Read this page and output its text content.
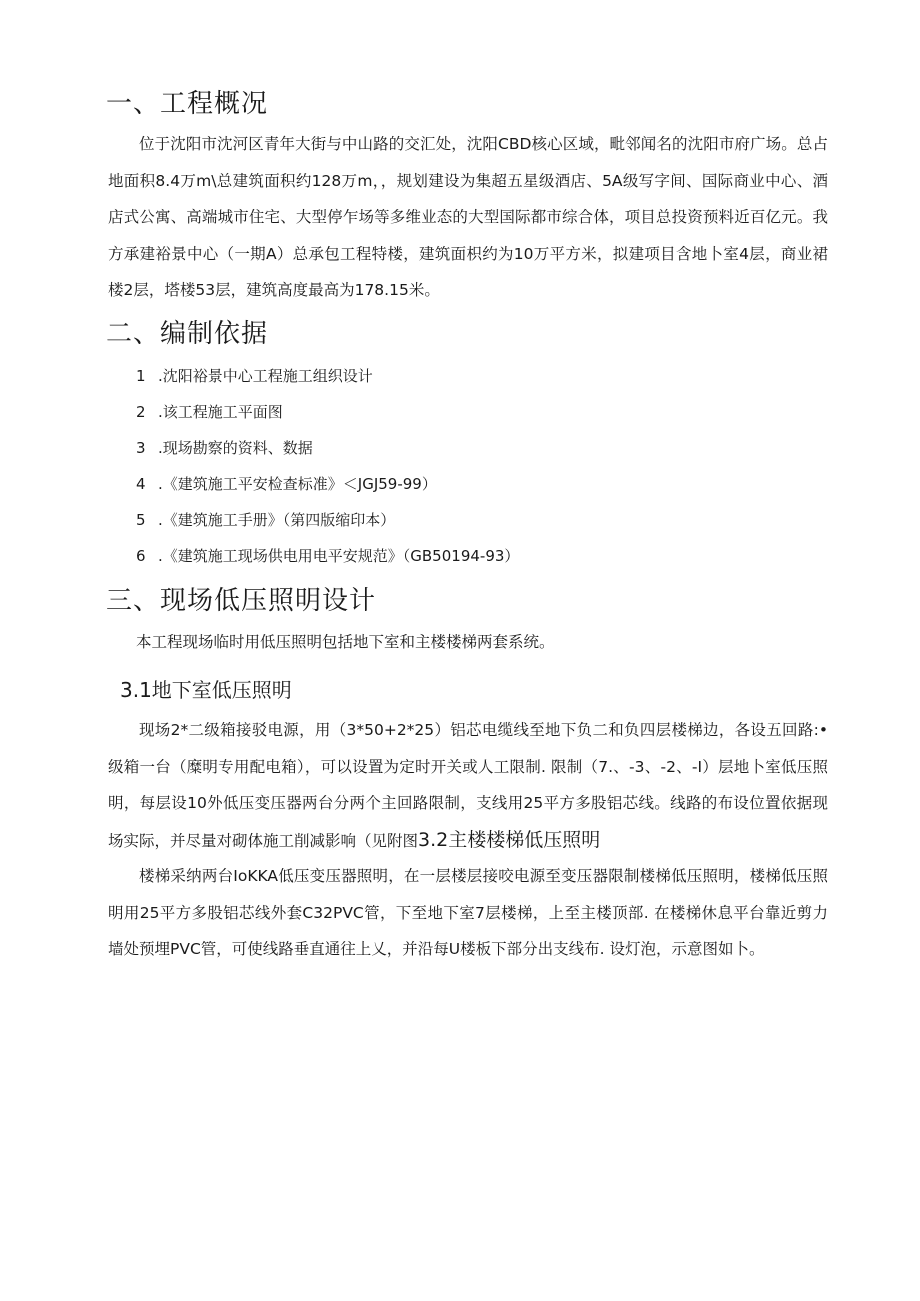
一、工程概况

位于沈阳市沈河区青年大街与中山路的交汇处，沈阳CBD核心区域，毗邻闻名的沈阳市府广场。总占地面积8.4万m\总建筑面积约128万m，，规划建设为集超五星级酒店、5A级写字间、国际商业中心、酒店式公寓、高端城市住宅、大型停乍场等多维业态的大型国际都市综合体，项目总投资预料近百亿元。我方承建裕景中心（一期A）总承包工程特楼，建筑面枳约为10万平方米，拟建项目含地卜室4层，商业裙楼2层，塔楼53层，建筑高度最高为178.15米。

二、编制依据
1 .沈阳裕景中心工程施工组织设计
2 .该工程施工平面图
3 .现场勘察的资料、数据
4 .《建筑施工平安检查标准》＜JGJ59-99）
5 .《建筑施工手册》（第四版缩印本）
6 .《建筑施工现场供电用电平安规范》（GB50194-93）
三、现场低压照明设计
本工程现场临时用低压照明包括地下室和主楼楼梯两套系统。
3.1地下室低压照明

现场2*二级箱接驳电源，用（3*50+2*25）铝芯电缆线至地下负二和负四层楼梯边，各设五回路:•级箱一台（糜明专用配电箱），可以设置为定时开关或人工限制. 限制（7.、-3、-2、-I）层地卜室低压照明，每层设10外低压变压器两台分两个主回路限制，支线用25平方多股铝芯线。线路的布设位置依据现场实际，并尽量对砌体施工削减影响（见附图3.2主楼楼梯低压照明

楼梯采纳两台IoKKA低压变压器照明，在一层楼层接咬电源至变压器限制楼梯低压照明，楼梯低压照明用25平方多股铝芯线外套C32PVC管，下至地下室7层楼梯，上至主楼顶部. 在楼梯休息平台靠近剪力墙处预埋PVC管，可使线路垂直通往上乂，并沿每U楼板下部分出支线布. 设灯泡，示意图如卜。
